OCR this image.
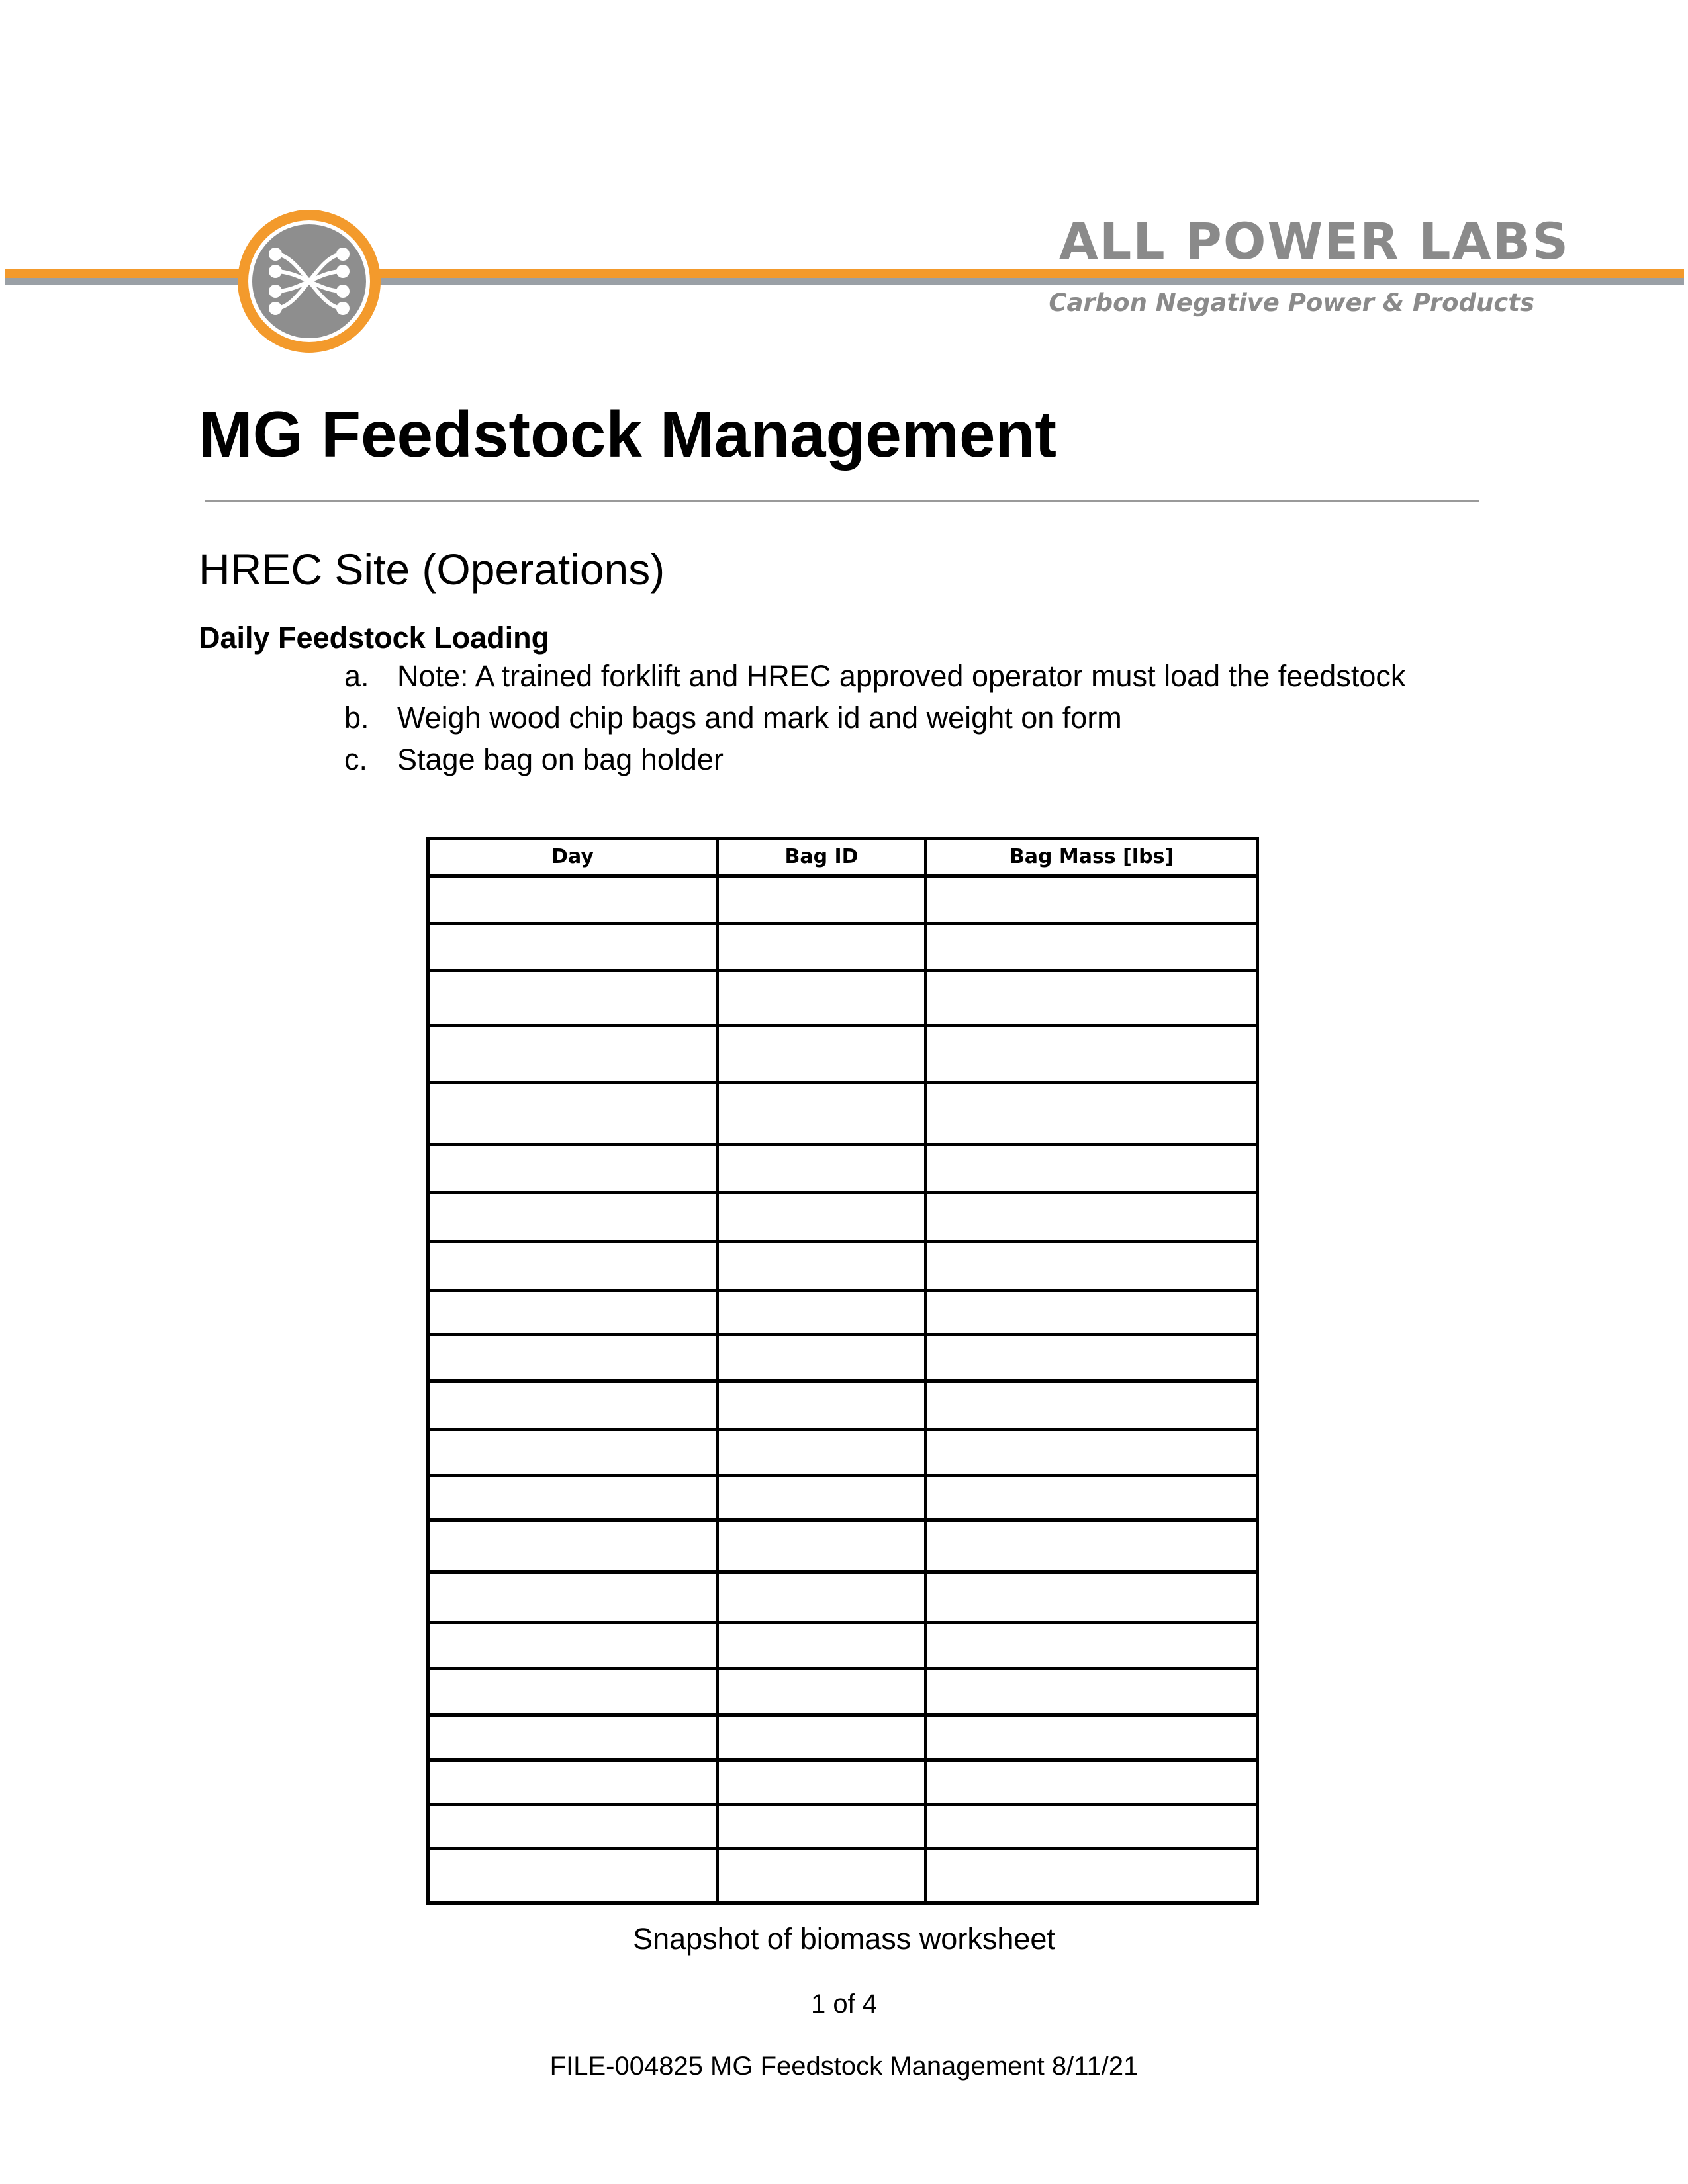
ALL POWER LABS
Carbon Negative Power & Products
MG Feedstock Management
HREC Site (Operations)
Daily Feedstock Loading
a. Note: A trained forklift and HREC approved operator must load the feedstock
b. Weigh wood chip bags and mark id and weight on form
c. Stage bag on bag holder
Day	Bag ID	Bag Mass [lbs]
Snapshot of biomass worksheet
1 of 4
FILE-004825 MG Feedstock Management 8/11/21
